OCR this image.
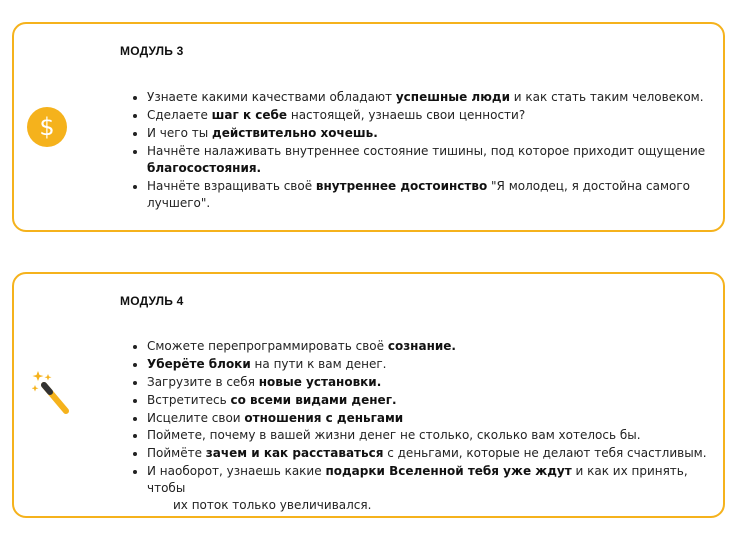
МОДУЛЬ 3
$
• Узнаете какими качествами обладают успешные люди и как стать таким человеком.
• Сделаете шаг к себе настоящей, узнаешь свои ценности?
• И чего ты действительно хочешь.
• Начнёте налаживать внутреннее состояние тишины, под которое приходит ощущение благосостояния.
• Начнёте взращивать своё внутреннее достоинство "Я молодец, я достойна самого лучшего".
МОДУЛЬ 4
• Сможете перепрограммировать своё сознание.
• Уберёте блоки на пути к вам денег.
• Загрузите в себя новые установки.
• Встретитесь со всеми видами денег.
• Исцелите свои отношения с деньгами
• Поймете, почему в вашей жизни денег не столько, сколько вам хотелось бы.
• Поймёте зачем и как расставаться с деньгами, которые не делают тебя счастливым.
• И наоборот, узнаешь какие подарки Вселенной тебя уже ждут и как их принять, чтобы
их поток только увеличивался.
